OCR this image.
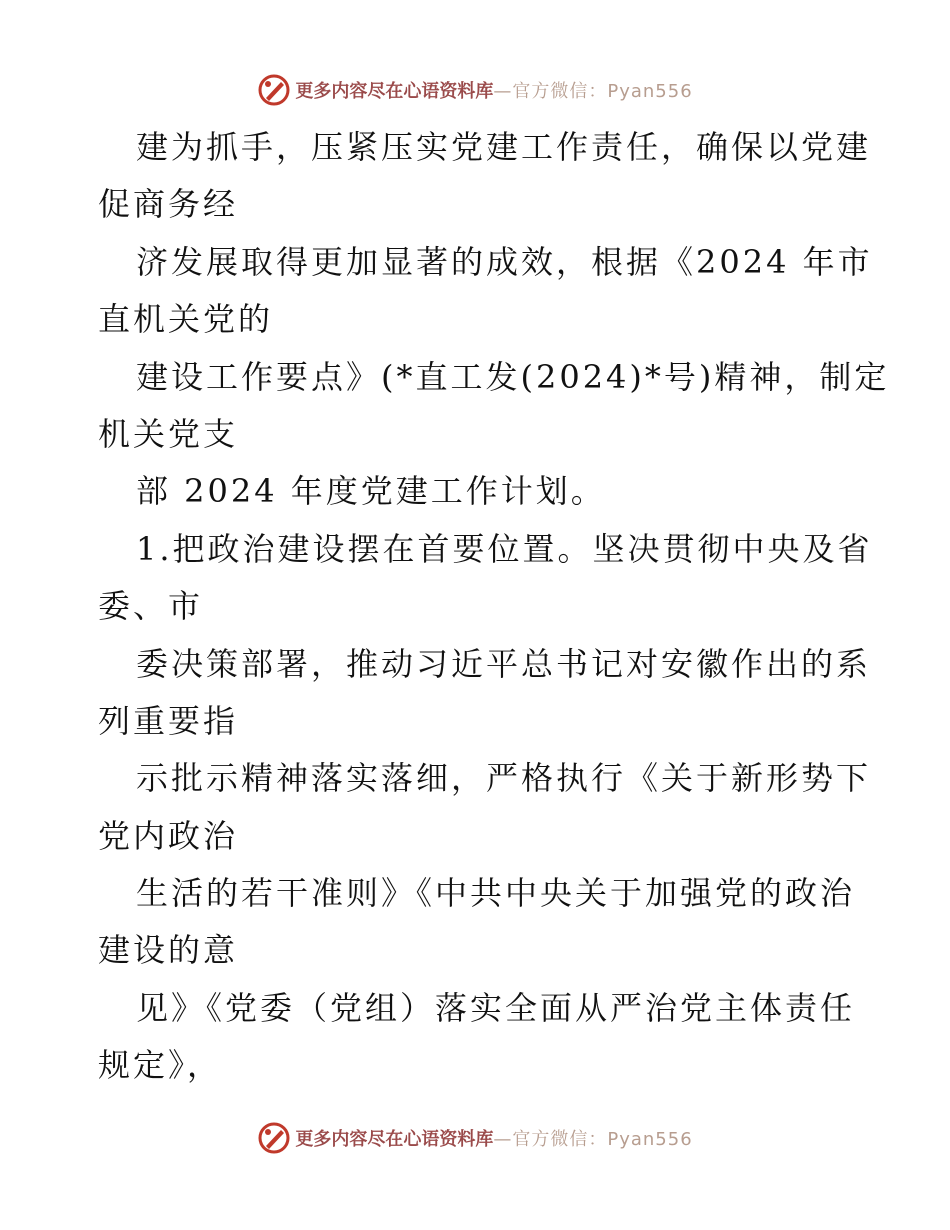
更多内容尽在心语资料库 —官方微信：Pyan556

建为抓手，压紧压实党建工作责任，确保以党建

促商务经

济发展取得更加显著的成效，根据《2024 年市

直机关党的

建设工作要点》(*直工发(2024)*号)精神，制定

机关党支

部 2024 年度党建工作计划。

1.把政治建设摆在首要位置。坚决贯彻中央及省

委、市

委决策部署，推动习近平总书记对安徽作出的系

列重要指

示批示精神落实落细，严格执行《关于新形势下

党内政治

生活的若干准则》《中共中央关于加强党的政治

建设的意

见》《党委（党组）落实全面从严治党主体责任

规定》，

更多内容尽在心语资料库 —官方微信：Pyan556
